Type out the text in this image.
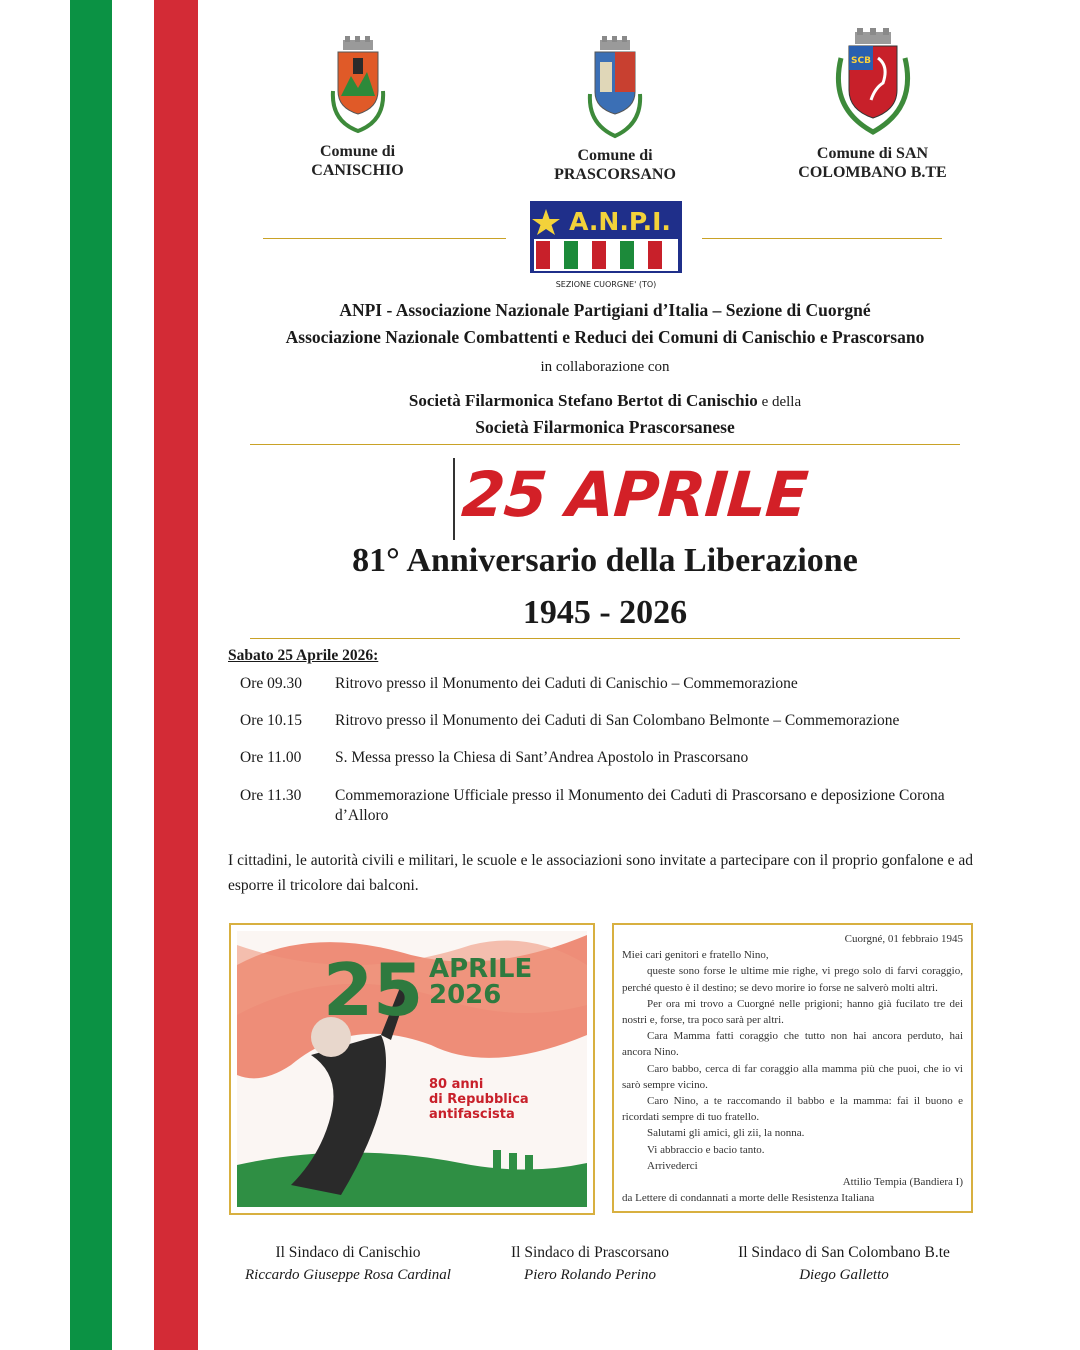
Comune di
CANISCHIO
Comune di
PRASCORSANO
SCB
Comune di SAN
COLOMBANO B.TE
A.N.P.I.
SEZIONE CUORGNE' (TO)
ANPI - Associazione Nazionale Partigiani d’Italia – Sezione di Cuorgné
Associazione Nazionale Combattenti e Reduci dei Comuni di Canischio e Prascorsano
in collaborazione con
Società Filarmonica Stefano Bertot di Canischio e della
Società Filarmonica Prascorsanese
25 APRILE
81° Anniversario della Liberazione
1945 - 2026
Sabato 25 Aprile 2026:
Ore 09.30	Ritrovo presso il Monumento dei Caduti di Canischio – Commemorazione
Ore 10.15	Ritrovo presso il Monumento dei Caduti di San Colombano Belmonte – Commemorazione
Ore 11.00	S. Messa presso la Chiesa di Sant’Andrea Apostolo in Prascorsano
Ore 11.30	Commemorazione Ufficiale presso il Monumento dei Caduti di Prascorsano e deposizione Corona d’Alloro
I cittadini, le autorità civili e militari, le scuole e le associazioni sono invitate a partecipare con il proprio gonfalone e ad esporre il tricolore dai balconi.
25 APRILE
2026
80 anni
di Repubblica
antifascista
Cuorgné, 01 febbraio 1945

Miei cari genitori e fratello Nino,

queste sono forse le ultime mie righe, vi prego solo di farvi coraggio, perché questo è il destino; se devo morire io forse ne salverò molti altri.

Per ora mi trovo a Cuorgné nelle prigioni; hanno già fucilato tre dei nostri e, forse, tra poco sarà per altri.

Cara Mamma fatti coraggio che tutto non hai ancora perduto, hai ancora Nino.

Caro babbo, cerca di far coraggio alla mamma più che puoi, che io vi sarò sempre vicino.

Caro Nino, a te raccomando il babbo e la mamma: fai il buono e ricordati sempre di tuo fratello.

Salutami gli amici, gli zii, la nonna.

Vi abbraccio e bacio tanto.

Arrivederci

Attilio Tempia (Bandiera I)

da Lettere di condannati a morte delle Resistenza Italiana

Il Sindaco di Canischio
Riccardo Giuseppe Rosa Cardinal
Il Sindaco di Prascorsano
Piero Rolando Perino
Il Sindaco di San Colombano B.te
Diego Galletto
